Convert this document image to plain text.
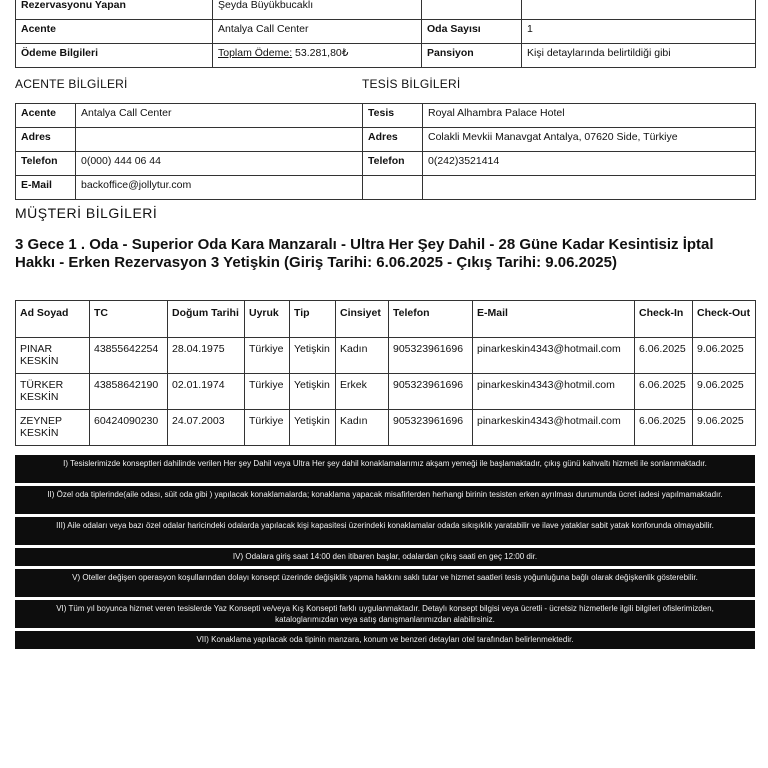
Rezervasyonu Yapan	Şeyda Büyükbucaklı		
Acente	Antalya Call Center	Oda Sayısı	1
Ödeme Bilgileri	Toplam Ödeme: 53.281,80₺	Pansiyon	Kişi detaylarında belirtildiği gibi
ACENTE BİLGİLERİ	TESİS BİLGİLERİ
Acente	Antalya Call Center	Tesis	Royal Alhambra Palace Hotel
Adres		Adres	Colakli Mevkii Manavgat Antalya, 07620 Side, Türkiye
Telefon	0(000) 444 06 44	Telefon	0(242)3521414
E-Mail	backoffice@jollytur.com		
MÜŞTERİ BİLGİLERİ
3 Gece 1 . Oda - Superior Oda Kara Manzaralı - Ultra Her Şey Dahil - 28 Güne Kadar Kesintisiz İptal Hakkı - Erken Rezervasyon 3 Yetişkin (Giriş Tarihi: 6.06.2025 - Çıkış Tarihi: 9.06.2025)
Ad Soyad	TC	Doğum Tarihi	Uyruk	Tip	Cinsiyet	Telefon	E-Mail	Check-In	Check-Out
PINAR KESKİN	43855642254	28.04.1975	Türkiye	Yetişkin	Kadın	905323961696	pinarkeskin4343@hotmail.com	6.06.2025	9.06.2025
TÜRKER KESKİN	43858642190	02.01.1974	Türkiye	Yetişkin	Erkek	905323961696	pinarkeskin4343@hotmil.com	6.06.2025	9.06.2025
ZEYNEP KESKİN	60424090230	24.07.2003	Türkiye	Yetişkin	Kadın	905323961696	pinarkeskin4343@hotmail.com	6.06.2025	9.06.2025
I) Tesislerimizde konseptleri dahilinde verilen Her şey Dahil veya Ultra Her şey dahil konaklamalarımız akşam yemeği ile başlamaktadır, çıkış günü kahvaltı hizmeti ile sonlanmaktadır.
II) Özel oda tiplerinde(aile odası, süit oda gibi ) yapılacak konaklamalarda; konaklama yapacak misafirlerden herhangi birinin tesisten erken ayrılması durumunda ücret iadesi yapılmamaktadır.
III) Aile odaları veya bazı özel odalar haricindeki odalarda yapılacak kişi kapasitesi üzerindeki konaklamalar odada sıkışıklık yaratabilir ve ilave yataklar sabit yatak konforunda olmayabilir.
IV) Odalara giriş saat 14:00 den itibaren başlar, odalardan çıkış saati en geç 12:00 dir.
V) Oteller değişen operasyon koşullarından dolayı konsept üzerinde değişiklik yapma hakkını saklı tutar ve hizmet saatleri tesis yoğunluğuna bağlı olarak değişkenlik gösterebilir.
VI) Tüm yıl boyunca hizmet veren tesislerde Yaz Konsepti ve/veya Kış Konsepti farklı uygulanmaktadır. Detaylı konsept bilgisi veya ücretli - ücretsiz hizmetlerle ilgili bilgileri ofislerimizden, kataloglarımızdan veya satış danışmanlarımızdan alabilirsiniz.
VII) Konaklama yapılacak oda tipinin manzara, konum ve benzeri detayları otel tarafından belirlenmektedir.
